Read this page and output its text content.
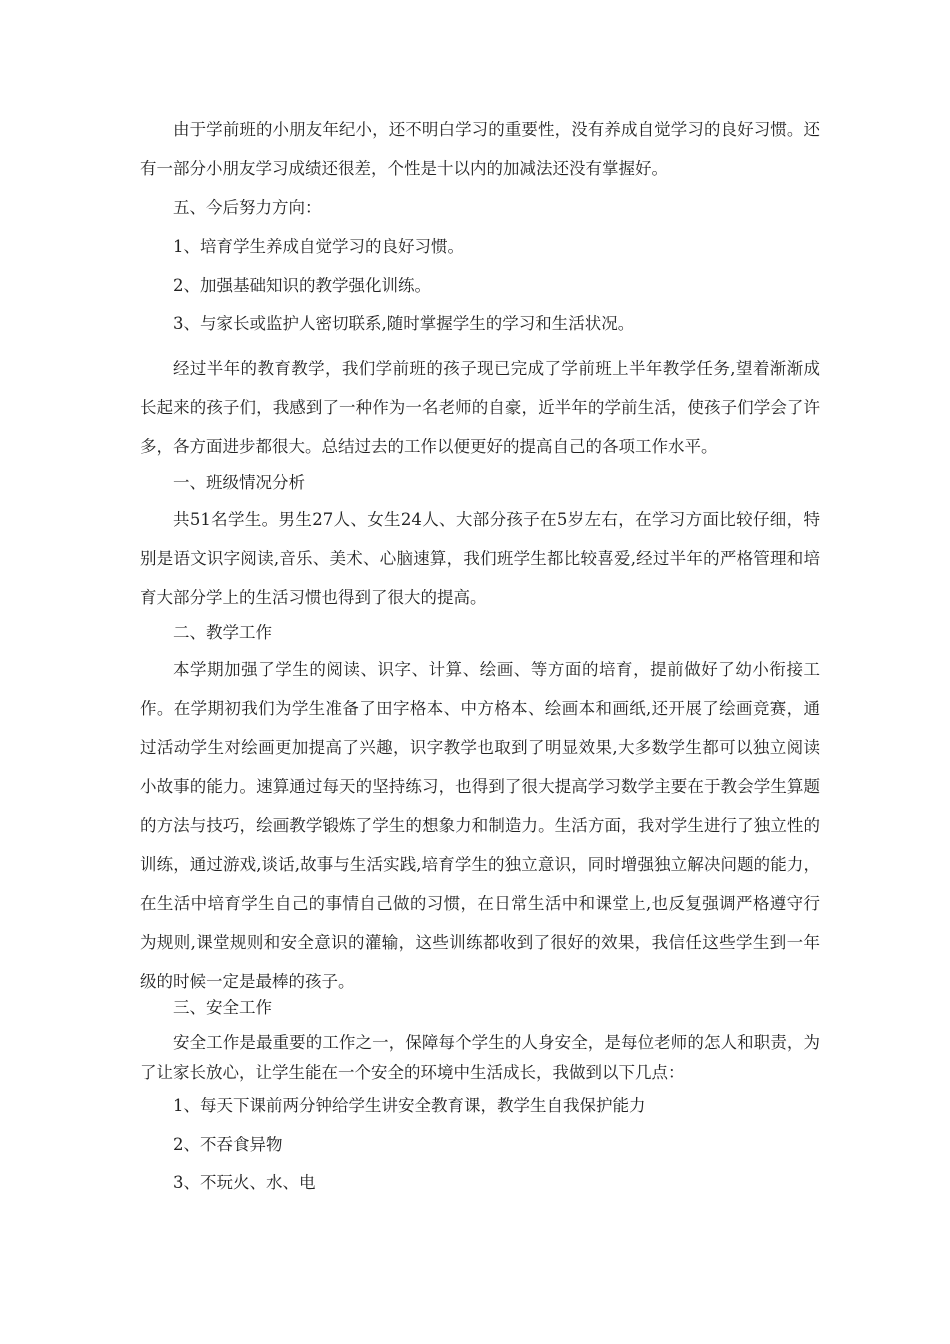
由于学前班的小朋友年纪小，还不明白学习的重要性，没有养成自觉学习的良好习惯。还有一部分小朋友学习成绩还很差，个性是十以内的加减法还没有掌握好。

五、今后努力方向：

1、培育学生养成自觉学习的良好习惯。

2、加强基础知识的教学强化训练。

3、与家长或监护人密切联系,随时掌握学生的学习和生活状况。

经过半年的教育教学，我们学前班的孩子现已完成了学前班上半年教学任务,望着渐渐成长起来的孩子们，我感到了一种作为一名老师的自豪，近半年的学前生活，使孩子们学会了许多，各方面进步都很大。总结过去的工作以便更好的提高自己的各项工作水平。

一、班级情况分析

共51名学生。男生27人、女生24人、大部分孩子在5岁左右，在学习方面比较仔细，特别是语文识字阅读,音乐、美术、心脑速算，我们班学生都比较喜爱,经过半年的严格管理和培育大部分学上的生活习惯也得到了很大的提高。

二、教学工作

本学期加强了学生的阅读、识字、计算、绘画、等方面的培育，提前做好了幼小衔接工作。在学期初我们为学生准备了田字格本、中方格本、绘画本和画纸,还开展了绘画竞赛，通过活动学生对绘画更加提高了兴趣，识字教学也取到了明显效果,大多数学生都可以独立阅读小故事的能力。速算通过每天的坚持练习，也得到了很大提高学习数学主要在于教会学生算题的方法与技巧，绘画教学锻炼了学生的想象力和制造力。生活方面，我对学生进行了独立性的训练，通过游戏,谈话,故事与生活实践,培育学生的独立意识，同时增强独立解决问题的能力，在生活中培育学生自己的事情自己做的习惯，在日常生活中和课堂上,也反复强调严格遵守行为规则,课堂规则和安全意识的灌输，这些训练都收到了很好的效果，我信任这些学生到一年级的时候一定是最棒的孩子。

三、安全工作

安全工作是最重要的工作之一，保障每个学生的人身安全，是每位老师的怎人和职责，为了让家长放心，让学生能在一个安全的环境中生活成长，我做到以下几点：

1、每天下课前两分钟给学生讲安全教育课，教学生自我保护能力

2、不吞食异物

3、不玩火、水、电
